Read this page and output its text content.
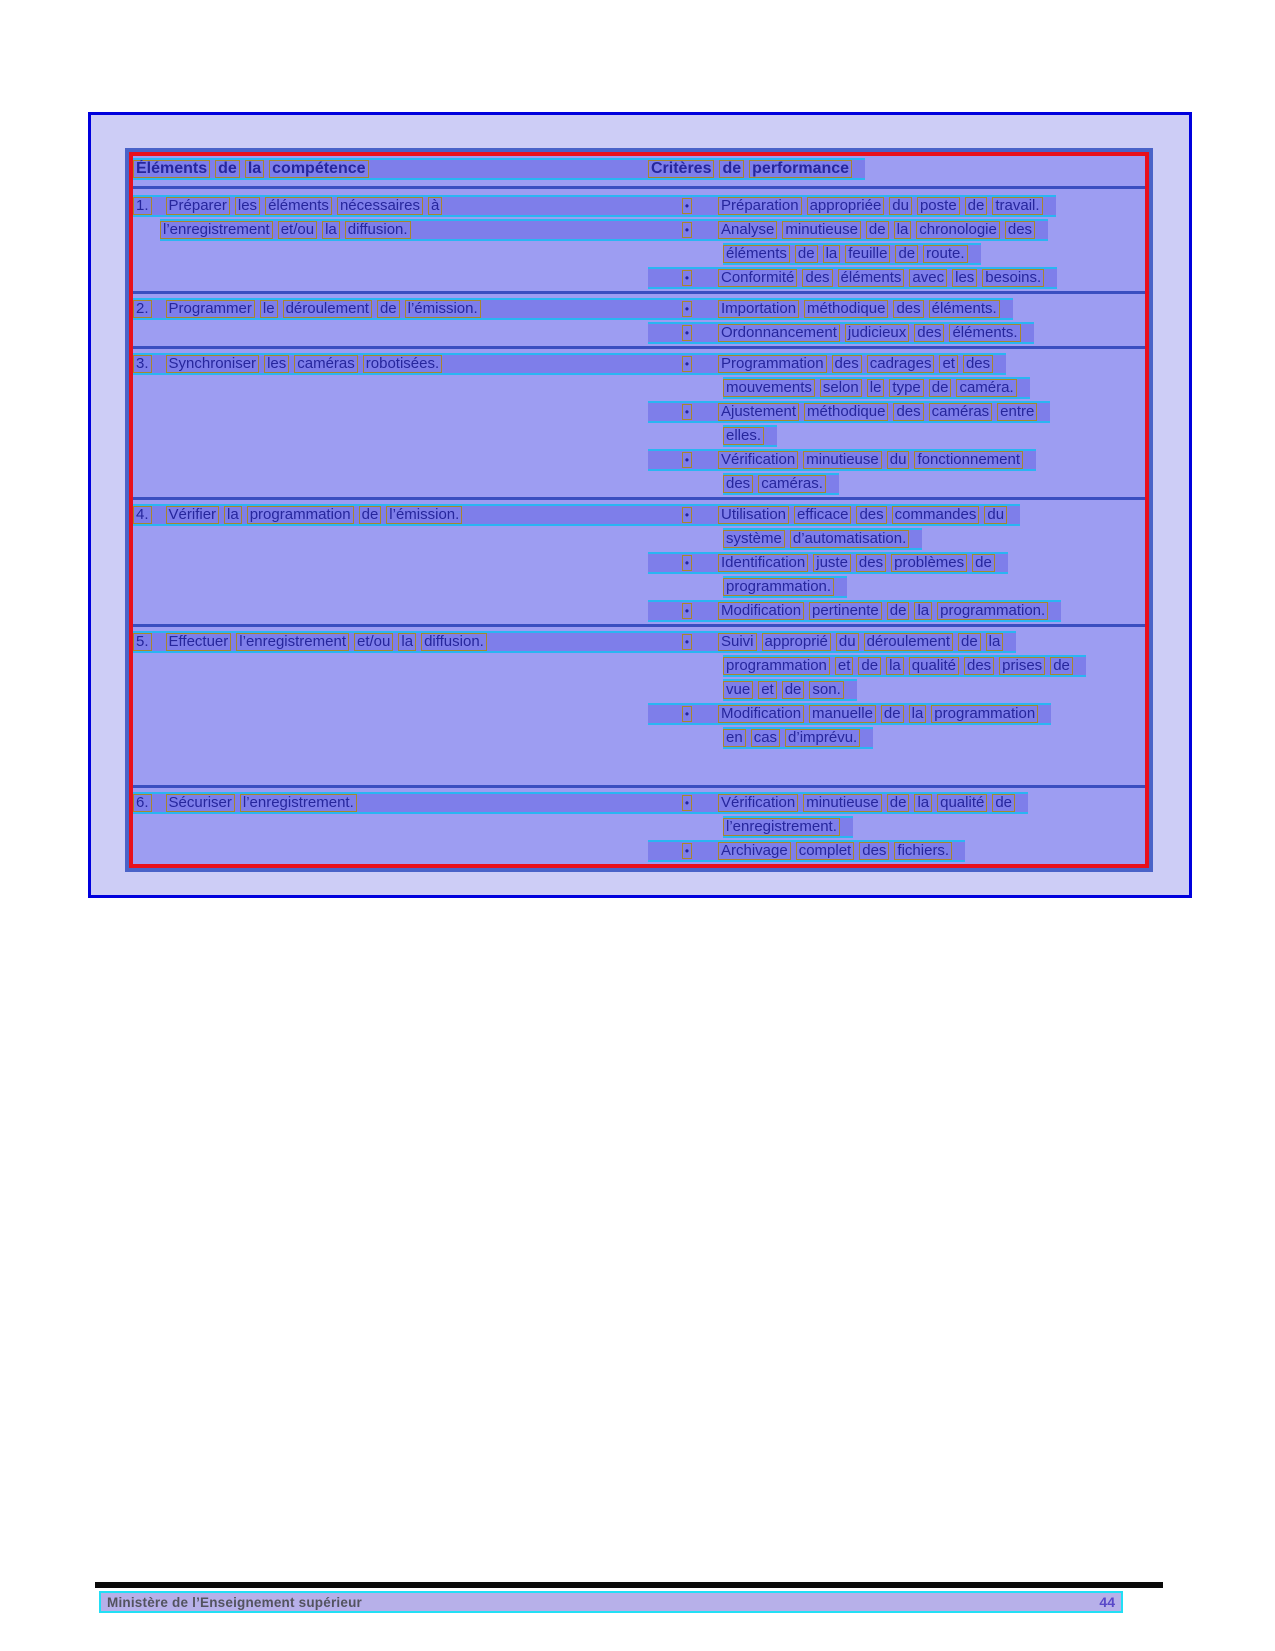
Éléments de la compétence	Critères de performance
1. Préparer les éléments nécessaires à
l’enregistrement et/ou la diffusion.
• Préparation appropriée du poste de travail.
• Analyse minutieuse de la chronologie des
éléments de la feuille de route.
• Conformité des éléments avec les besoins.
2. Programmer le déroulement de l’émission.	• Importation méthodique des éléments.
• Ordonnancement judicieux des éléments.
3. Synchroniser les caméras robotisées.	• Programmation des cadrages et des
mouvements selon le type de caméra.
• Ajustement méthodique des caméras entre
elles.
• Vérification minutieuse du fonctionnement
des caméras.
4. Vérifier la programmation de l’émission.	• Utilisation efficace des commandes du
système d’automatisation.
• Identification juste des problèmes de
programmation.
• Modification pertinente de la programmation.
5. Effectuer l’enregistrement et/ou la diffusion.	• Suivi approprié du déroulement de la
programmation et de la qualité des prises de
vue et de son.
• Modification manuelle de la programmation
en cas d’imprévu.
6. Sécuriser l’enregistrement.	• Vérification minutieuse de la qualité de
l’enregistrement.
• Archivage complet des fichiers.
Ministère de l’Enseignement supérieur	44
